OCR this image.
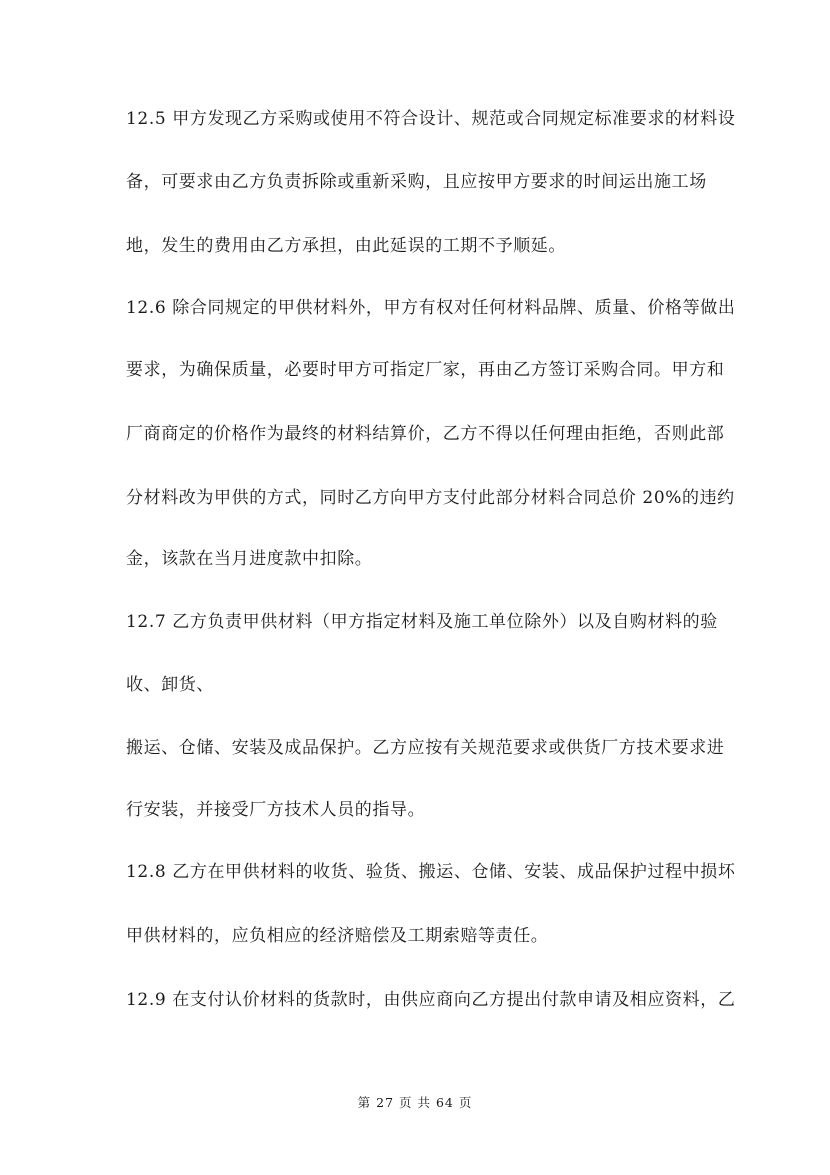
12.5 甲方发现乙方采购或使用不符合设计、规范或合同规定标准要求的材料设
备，可要求由乙方负责拆除或重新采购，且应按甲方要求的时间运出施工场
地，发生的费用由乙方承担，由此延误的工期不予顺延。
12.6 除合同规定的甲供材料外，甲方有权对任何材料品牌、质量、价格等做出
要求，为确保质量，必要时甲方可指定厂家，再由乙方签订采购合同。甲方和
厂商商定的价格作为最终的材料结算价，乙方不得以任何理由拒绝，否则此部
分材料改为甲供的方式，同时乙方向甲方支付此部分材料合同总价 20%的违约
金，该款在当月进度款中扣除。
12.7 乙方负责甲供材料（甲方指定材料及施工单位除外）以及自购材料的验
收、卸货、
搬运、仓储、安装及成品保护。乙方应按有关规范要求或供货厂方技术要求进
行安装，并接受厂方技术人员的指导。
12.8 乙方在甲供材料的收货、验货、搬运、仓储、安装、成品保护过程中损坏
甲供材料的，应负相应的经济赔偿及工期索赔等责任。
12.9 在支付认价材料的货款时，由供应商向乙方提出付款申请及相应资料，乙
第 27 页 共 64 页
